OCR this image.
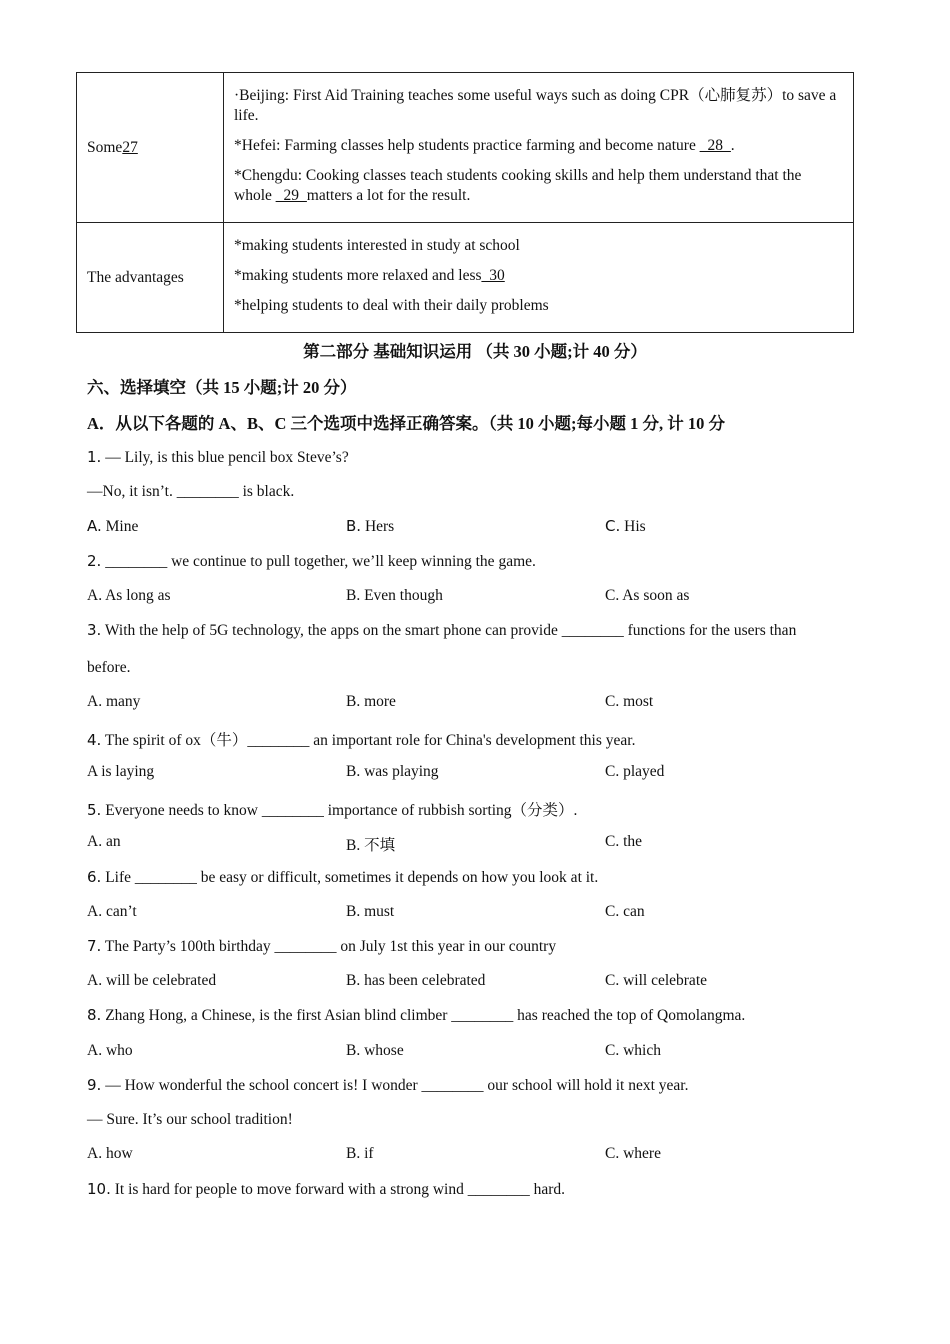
Some27	·Beijing: First Aid Training teaches some useful ways such as doing CPR（心肺复苏）to save a life.

*Hefei: Farming classes help students practice farming and become nature _28_.

*Chengdu: Cooking classes teach students cooking skills and help them understand that the whole _29_matters a lot for the result.

The advantages	*making students interested in study at school

*making students more relaxed and less_30

*helping students to deal with their daily problems

第二部分 基础知识运用 （共 30 小题;计 40 分）
六、选择填空（共 15 小题;计 20 分）
A．从以下各题的 A、B、C 三个选项中选择正确答案。（共 10 小题;每小题 1 分, 计 10 分
1. — Lily, is this blue pencil box Steve’s?
—No, it isn’t. ________ is black.
A. Mine	B. Hers	C. His
2. ________ we continue to pull together, we’ll keep winning the game.
A. As long as	B. Even though	C. As soon as
3. With the help of 5G technology, the apps on the smart phone can provide ________ functions for the users than
before.
A. many	B. more	C. most
4. The spirit of ox（牛）________ an important role for China's development this year.
A is laying	B. was playing	C. played
5. Everyone needs to know ________ importance of rubbish sorting（分类）.
A. an	B. 不填	C. the
6. Life ________ be easy or difficult, sometimes it depends on how you look at it.
A. can’t	B. must	C. can
7. The Party’s 100th birthday ________ on July 1st this year in our country
A. will be celebrated	B. has been celebrated	C. will celebrate
8. Zhang Hong, a Chinese, is the first Asian blind climber ________ has reached the top of Qomolangma.
A. who	B. whose	C. which
9. — How wonderful the school concert is! I wonder ________ our school will hold it next year.
— Sure. It’s our school tradition!
A. how	B. if	C. where
10. It is hard for people to move forward with a strong wind ________ hard.
